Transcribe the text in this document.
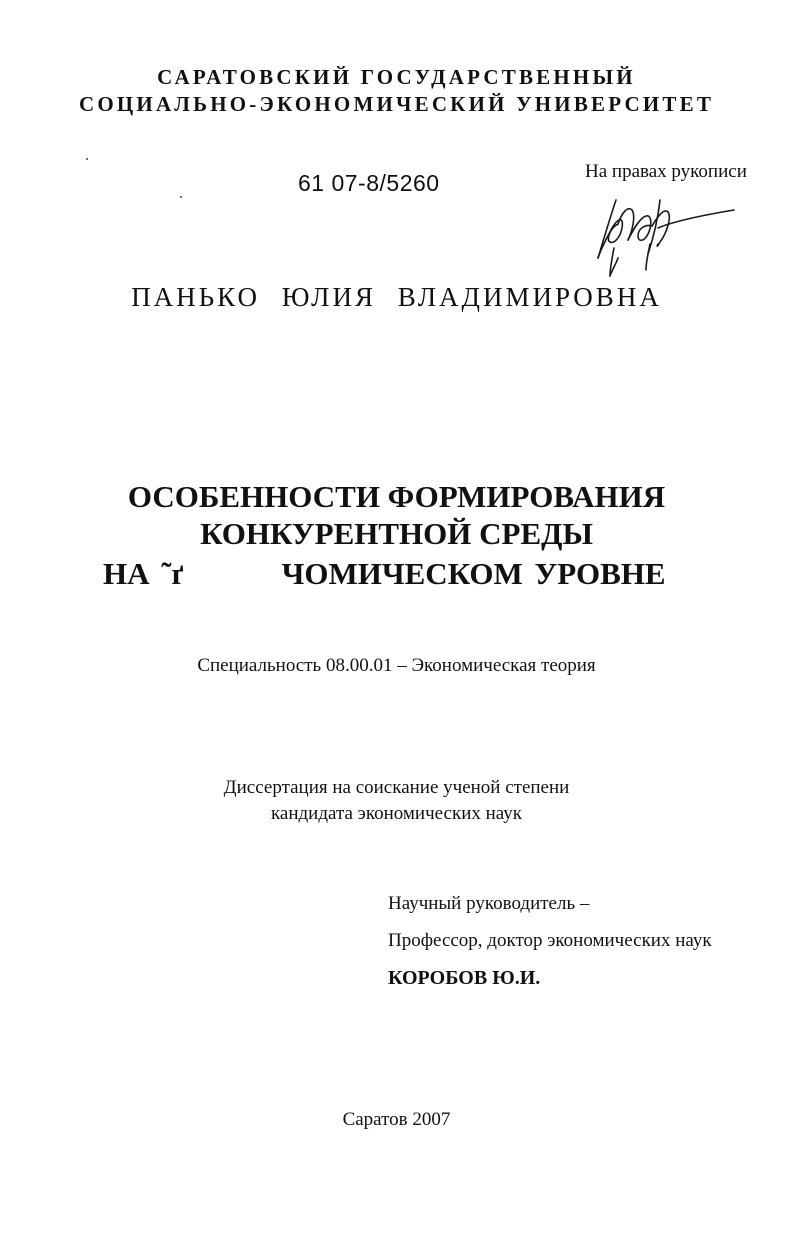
САРАТОВСКИЙ ГОСУДАРСТВЕННЫЙ

СОЦИАЛЬНО-ЭКОНОМИЧЕСКИЙ УНИВЕРСИТЕТ

61 07-8/5260	На правах рукописи

ПАНЬКО ЮЛИЯ ВЛАДИМИРОВНА

ОСОБЕННОСТИ ФОРМИРОВАНИЯ

КОНКУРЕНТНОЙ СРЕДЫ

НА ˜ґ	ЧОМИЧЕСКОМ УРОВНЕ

Специальность 08.00.01 – Экономическая теория

Диссертация на соискание ученой степени

кандидата экономических наук

Научный руководитель –

Профессор, доктор экономических наук

КОРОБОВ Ю.И.

Саратов 2007
